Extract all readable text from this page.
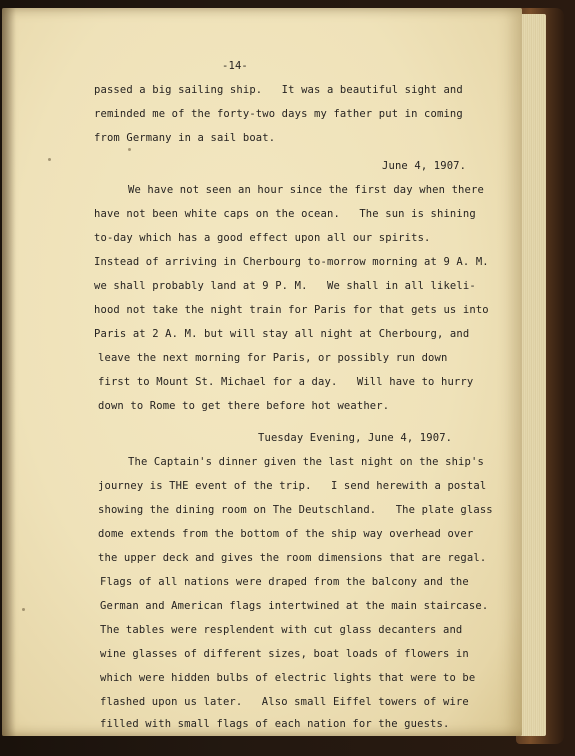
-14-
passed a big sailing ship.   It was a beautiful sight and
reminded me of the forty-two days my father put in coming
from Germany in a sail boat.
June 4, 1907.
We have not seen an hour since the first day when there
have not been white caps on the ocean.   The sun is shining
to-day which has a good effect upon all our spirits.
Instead of arriving in Cherbourg to-morrow morning at 9 A. M.
we shall probably land at 9 P. M.   We shall in all likeli-
hood not take the night train for Paris for that gets us into
Paris at 2 A. M. but will stay all night at Cherbourg, and
leave the next morning for Paris, or possibly run down
first to Mount St. Michael for a day.   Will have to hurry
down to Rome to get there before hot weather.
Tuesday Evening, June 4, 1907.
The Captain's dinner given the last night on the ship's
journey is THE event of the trip.   I send herewith a postal
showing the dining room on The Deutschland.   The plate glass
dome extends from the bottom of the ship way overhead over
the upper deck and gives the room dimensions that are regal.
Flags of all nations were draped from the balcony and the
German and American flags intertwined at the main staircase.
The tables were resplendent with cut glass decanters and
wine glasses of different sizes, boat loads of flowers in
which were hidden bulbs of electric lights that were to be
flashed upon us later.   Also small Eiffel towers of wire
filled with small flags of each nation for the guests.
